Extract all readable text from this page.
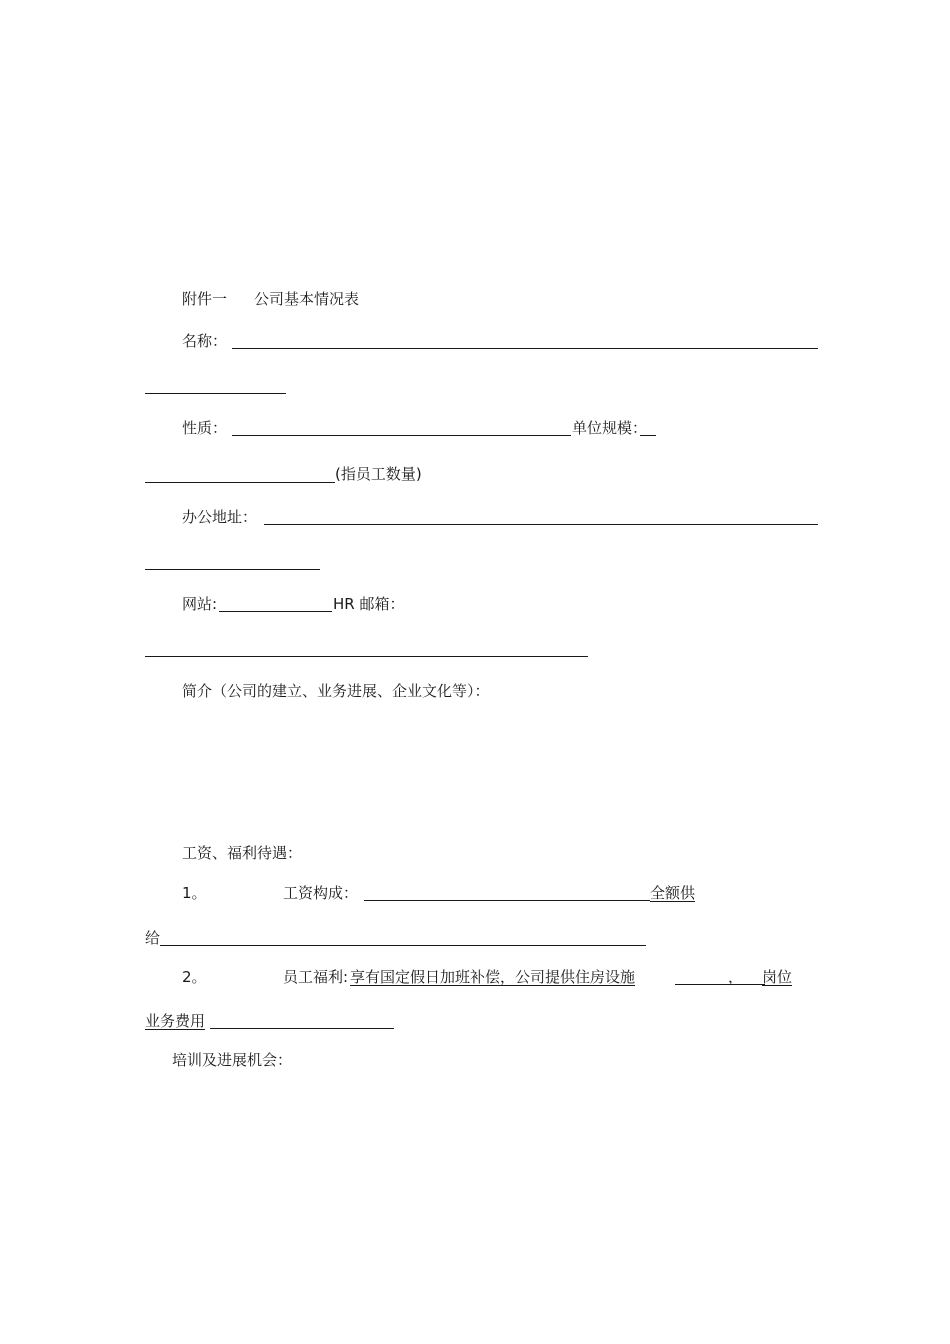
附件一 公司基本情况表
名称：
性质：	单位规模：
(指员工数量)
办公地址：
网站:	HR 邮箱：
简介（公司的建立、业务进展、企业文化等）：
工资、福利待遇：
1。	工资构成：	全额供
给
2。	员工福利: 享有国定假日加班补偿，公司提供住房设施	， 岗位
业务费用
培训及进展机会：
